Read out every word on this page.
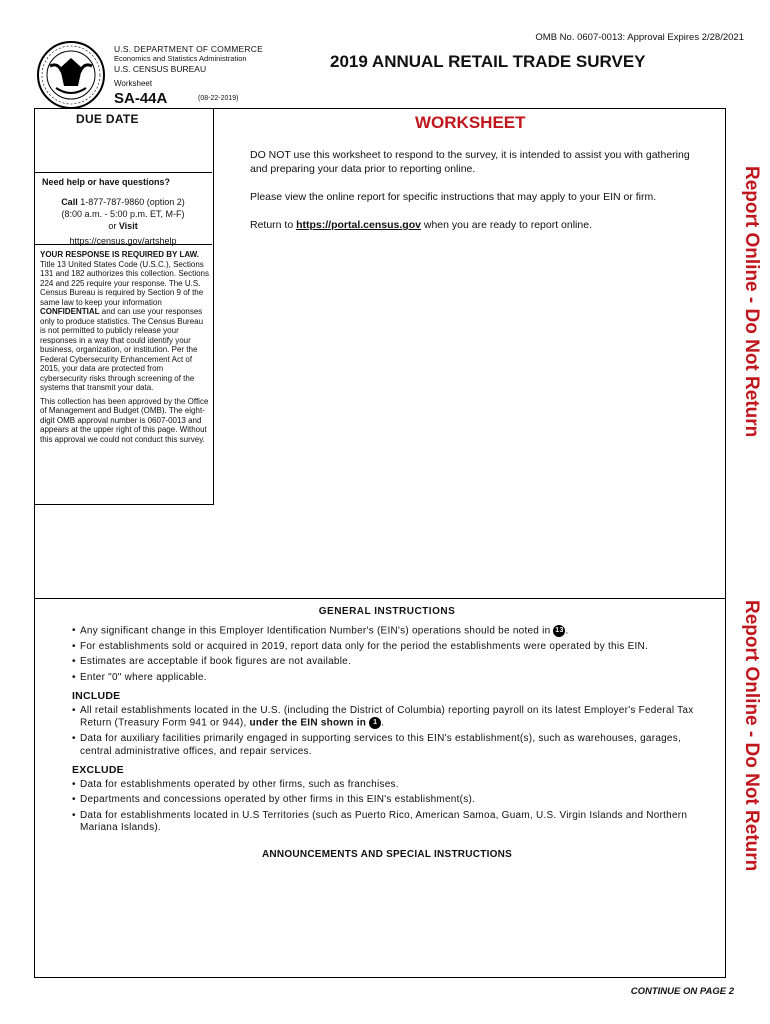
OMB No. 0607-0013: Approval Expires 2/28/2021
U.S. DEPARTMENT OF COMMERCE
Economics and Statistics Administration
U.S. CENSUS BUREAU
Worksheet
SA-44A	(08-22-2019)
2019 ANNUAL RETAIL TRADE SURVEY
DUE DATE
Need help or have questions?
Call 1-877-787-9860 (option 2)
(8:00 a.m. - 5:00 p.m. ET, M-F)
or Visit
https://census.gov/artshelp

YOUR RESPONSE IS REQUIRED BY LAW. Title 13 United States Code (U.S.C.), Sections 131 and 182 authorizes this collection. Sections 224 and 225 require your response. The U.S. Census Bureau is required by Section 9 of the same law to keep your information CONFIDENTIAL and can use your responses only to produce statistics. The Census Bureau is not permitted to publicly release your responses in a way that could identify your business, organization, or institution. Per the Federal Cybersecurity Enhancement Act of 2015, your data are protected from cybersecurity risks through screening of the systems that transmit your data.

This collection has been approved by the Office of Management and Budget (OMB). The eight-digit OMB approval number is 0607-0013 and appears at the upper right of this page. Without this approval we could not conduct this survey.

WORKSHEET

DO NOT use this worksheet to respond to the survey, it is intended to assist you with gathering and preparing your data prior to reporting online.

Please view the online report for specific instructions that may apply to your EIN or firm.

Return to https://portal.census.gov when you are ready to report online.	Report Online - Do Not Return
Report Online - Do Not Return
GENERAL INSTRUCTIONS
• Any significant change in this Employer Identification Number's (EIN's) operations should be noted in 13 .
• For establishments sold or acquired in 2019, report data only for the period the establishments were operated by this EIN.
• Estimates are acceptable if book figures are not available.
• Enter "0" where applicable.
INCLUDE
• All retail establishments located in the U.S. (including the District of Columbia) reporting payroll on its latest Employer's Federal Tax Return (Treasury Form 941 or 944), under the EIN shown in 1 .
• Data for auxiliary facilities primarily engaged in supporting services to this EIN's establishment(s), such as warehouses, garages, central administrative offices, and repair services.
EXCLUDE
• Data for establishments operated by other firms, such as franchises.
• Departments and concessions operated by other firms in this EIN's establishment(s).
• Data for establishments located in U.S Territories (such as Puerto Rico, American Samoa, Guam, U.S. Virgin Islands and Northern Mariana Islands).
ANNOUNCEMENTS AND SPECIAL INSTRUCTIONS
CONTINUE ON PAGE 2
